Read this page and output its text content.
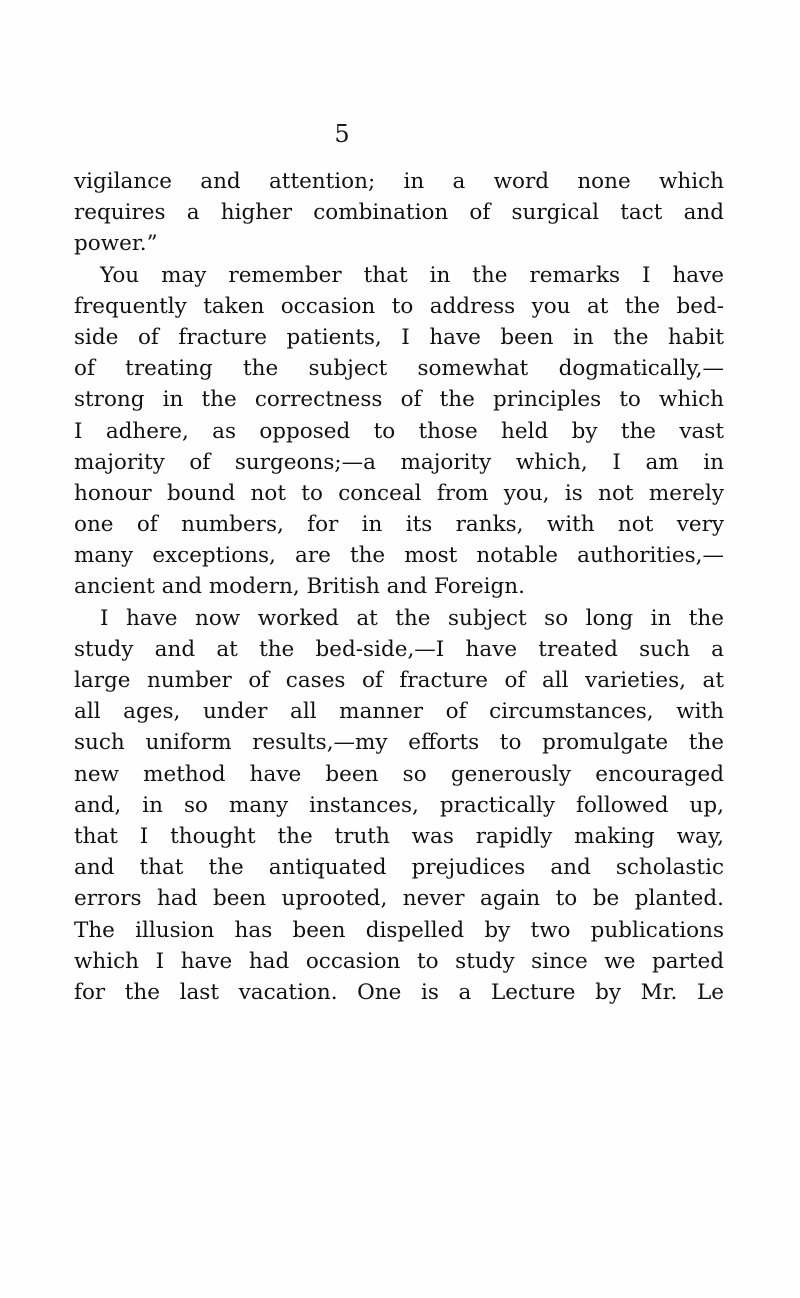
5
vigilance and attention; in a word none which
requires a higher combination of surgical tact and
power.”
You may remember that in the remarks I have
frequently taken occasion to address you at the bed-
side of fracture patients, I have been in the habit
of treating the subject somewhat dogmatically,—
strong in the correctness of the principles to which
I adhere, as opposed to those held by the vast
majority of surgeons;—a majority which, I am in
honour bound not to conceal from you, is not merely
one of numbers, for in its ranks, with not very
many exceptions, are the most notable authorities,—
ancient and modern, British and Foreign.
I have now worked at the subject so long in the
study and at the bed-side,—I have treated such a
large number of cases of fracture of all varieties, at
all ages, under all manner of circumstances, with
such uniform results,—my efforts to promulgate the
new method have been so generously encouraged
and, in so many instances, practically followed up,
that I thought the truth was rapidly making way,
and that the antiquated prejudices and scholastic
errors had been uprooted, never again to be planted.
The illusion has been dispelled by two publications
which I have had occasion to study since we parted
for the last vacation. One is a Lecture by Mr. Le
